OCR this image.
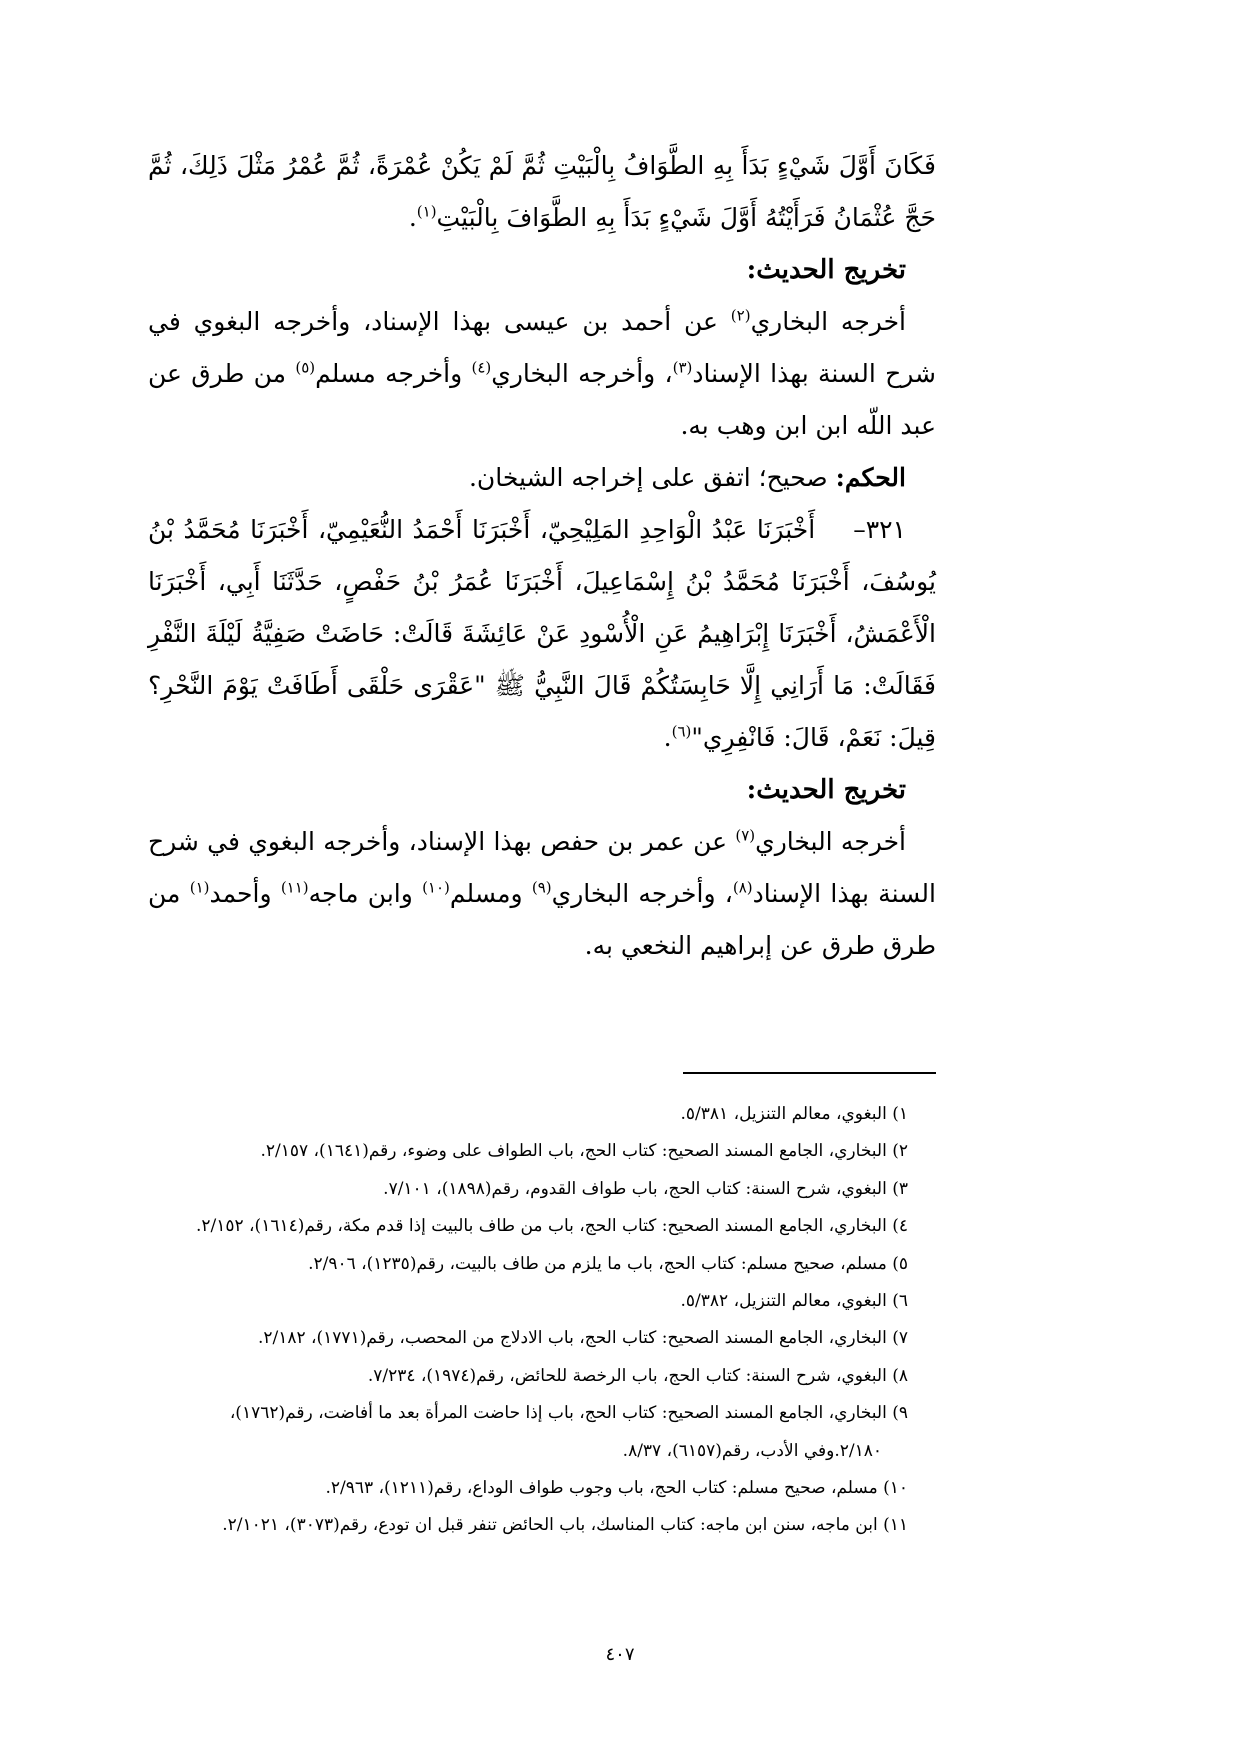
فَكَانَ أَوَّلَ شَيْءٍ بَدَأَ بِهِ الطَّوَافُ بِالْبَيْتِ ثُمَّ لَمْ يَكُنْ عُمْرَةً، ثُمَّ عُمْرُ مَثْلَ ذَلِكَ، ثُمَّ حَجَّ عُثْمَانُ فَرَأَيْتُهُ أَوَّلَ شَيْءٍ بَدَأَ بِهِ الطَّوَافَ بِالْبَيْتِ$^{(١)}$.

تخريج الحديث:

أخرجه البخاري$^{(٢)}$ عن أحمد بن عيسى بهذا الإسناد، وأخرجه البغوي في شرح السنة بهذا الإسناد$^{(٣)}$، وأخرجه البخاري$^{(٤)}$ وأخرجه مسلم$^{(٥)}$ من طرق عن عبد اللّه ابن ابن وهب به.

الحكم: صحيح؛ اتفق على إخراجه الشيخان.

٣٢١–    أَخْبَرَنَا عَبْدُ الْوَاحِدِ المَلِيْحِيّ، أَخْبَرَنَا أَحْمَدُ النُّعَيْمِيّ، أَخْبَرَنَا مُحَمَّدُ بْنُ يُوسُفَ، أَخْبَرَنَا مُحَمَّدُ بْنُ إِسْمَاعِيلَ، أَخْبَرَنَا عُمَرُ بْنُ حَفْصٍ، حَدَّثَنَا أَبِي، أَخْبَرَنَا الْأَعْمَشُ، أَخْبَرَنَا إِبْرَاهِيمُ عَنِ الْأُسْودِ عَنْ عَائِشَةَ قَالَتْ: حَاضَتْ صَفِيَّةُ لَيْلَةَ النَّفْرِ فَقَالَتْ: مَا أَرَانِي إِلَّا حَابِسَتُكُمْ قَالَ النَّبِيُّ ﷺ "عَقْرَى حَلْقَى أَطَافَتْ يَوْمَ النَّحْرِ؟ قِيلَ: نَعَمْ، قَالَ: فَانْفِرِي"$^{(٦)}$.

تخريج الحديث:

أخرجه البخاري$^{(٧)}$ عن عمر بن حفص بهذا الإسناد، وأخرجه البغوي في شرح السنة بهذا الإسناد$^{(٨)}$، وأخرجه البخاري$^{(٩)}$ ومسلم$^{(١٠)}$ وابن ماجه$^{(١١)}$ وأحمد$^{(١)}$ من طرق طرق عن إبراهيم النخعي به.

١) البغوي، معالم التنزيل، ٥/٣٨١.

٢) البخاري، الجامع المسند الصحيح: كتاب الحج، باب الطواف على وضوء، رقم(١٦٤١)، ٢/١٥٧.

٣) البغوي، شرح السنة: كتاب الحج، باب طواف القدوم، رقم(١٨٩٨)، ٧/١٠١.

٤) البخاري، الجامع المسند الصحيح: كتاب الحج، باب من طاف بالبيت إذا قدم مكة، رقم(١٦١٤)، ٢/١٥٢.

٥) مسلم، صحيح مسلم: كتاب الحج، باب ما يلزم من طاف بالبيت، رقم(١٢٣٥)، ٢/٩٠٦.

٦) البغوي، معالم التنزيل، ٥/٣٨٢.

٧) البخاري، الجامع المسند الصحيح: كتاب الحج، باب الادلاج من المحصب، رقم(١٧٧١)، ٢/١٨٢.

٨) البغوي، شرح السنة: كتاب الحج، باب الرخصة للحائض، رقم(١٩٧٤)، ٧/٢٣٤.

٩) البخاري، الجامع المسند الصحيح: كتاب الحج، باب إذا حاضت المرأة بعد ما أفاضت، رقم(١٧٦٢)،

٢/١٨٠.وفي الأدب، رقم(٦١٥٧)، ٨/٣٧.

١٠) مسلم، صحيح مسلم: كتاب الحج، باب وجوب طواف الوداع، رقم(١٢١١)، ٢/٩٦٣.

١١) ابن ماجه، سنن ابن ماجه: كتاب المناسك، باب الحائض تنفر قبل ان تودع، رقم(٣٠٧٣)، ٢/١٠٢١.

٤٠٧
